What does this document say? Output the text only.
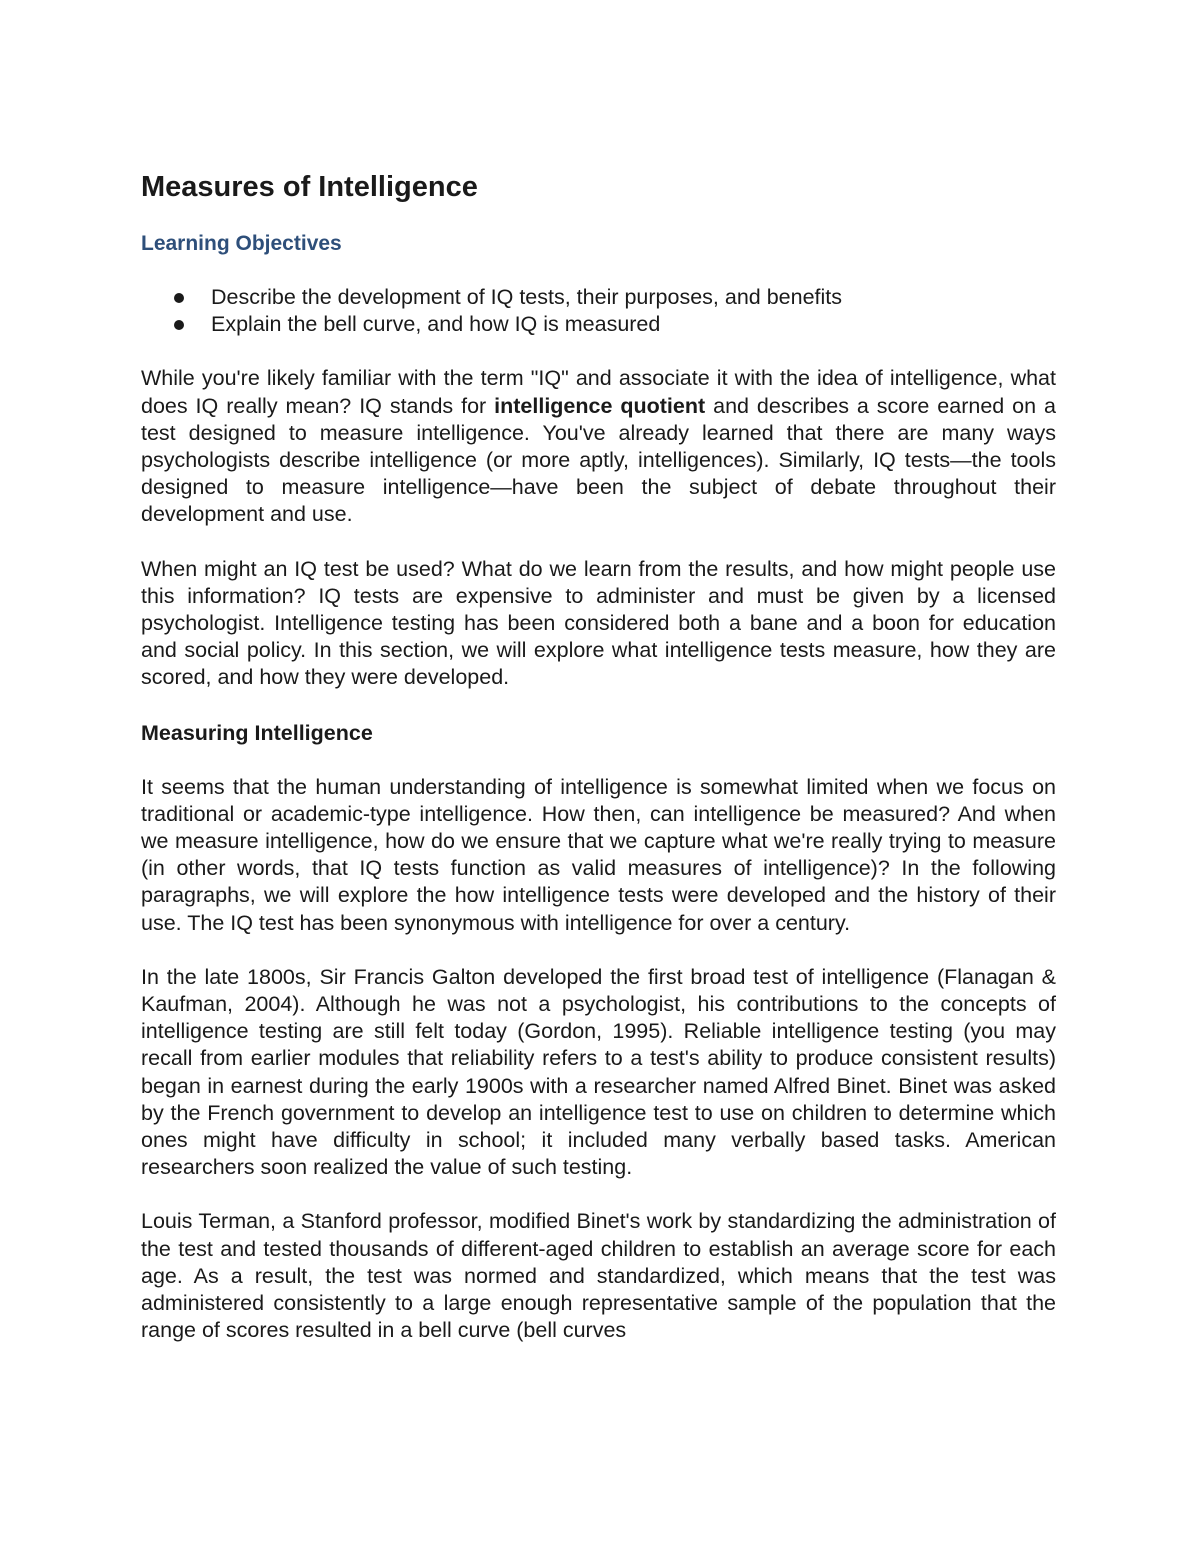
Measures of Intelligence
Learning Objectives
Describe the development of IQ tests, their purposes, and benefits
Explain the bell curve, and how IQ is measured

While you're likely familiar with the term "IQ" and associate it with the idea of intelligence, what does IQ really mean? IQ stands for intelligence quotient and describes a score earned on a test designed to measure intelligence. You've already learned that there are many ways psychologists describe intelligence (or more aptly, intelligences). Similarly, IQ tests—the tools designed to measure intelligence—have been the subject of debate throughout their development and use.

When might an IQ test be used? What do we learn from the results, and how might people use this information? IQ tests are expensive to administer and must be given by a licensed psychologist. Intelligence testing has been considered both a bane and a boon for education and social policy. In this section, we will explore what intelligence tests measure, how they are scored, and how they were developed.

Measuring Intelligence

It seems that the human understanding of intelligence is somewhat limited when we focus on traditional or academic-type intelligence. How then, can intelligence be measured? And when we measure intelligence, how do we ensure that we capture what we're really trying to measure (in other words, that IQ tests function as valid measures of intelligence)? In the following paragraphs, we will explore the how intelligence tests were developed and the history of their use. The IQ test has been synonymous with intelligence for over a century.

In the late 1800s, Sir Francis Galton developed the first broad test of intelligence (Flanagan & Kaufman, 2004). Although he was not a psychologist, his contributions to the concepts of intelligence testing are still felt today (Gordon, 1995). Reliable intelligence testing (you may recall from earlier modules that reliability refers to a test's ability to produce consistent results) began in earnest during the early 1900s with a researcher named Alfred Binet. Binet was asked by the French government to develop an intelligence test to use on children to determine which ones might have difficulty in school; it included many verbally based tasks. American researchers soon realized the value of such testing.

Louis Terman, a Stanford professor, modified Binet's work by standardizing the administration of the test and tested thousands of different-aged children to establish an average score for each age. As a result, the test was normed and standardized, which means that the test was administered consistently to a large enough representative sample of the population that the range of scores resulted in a bell curve (bell curves
